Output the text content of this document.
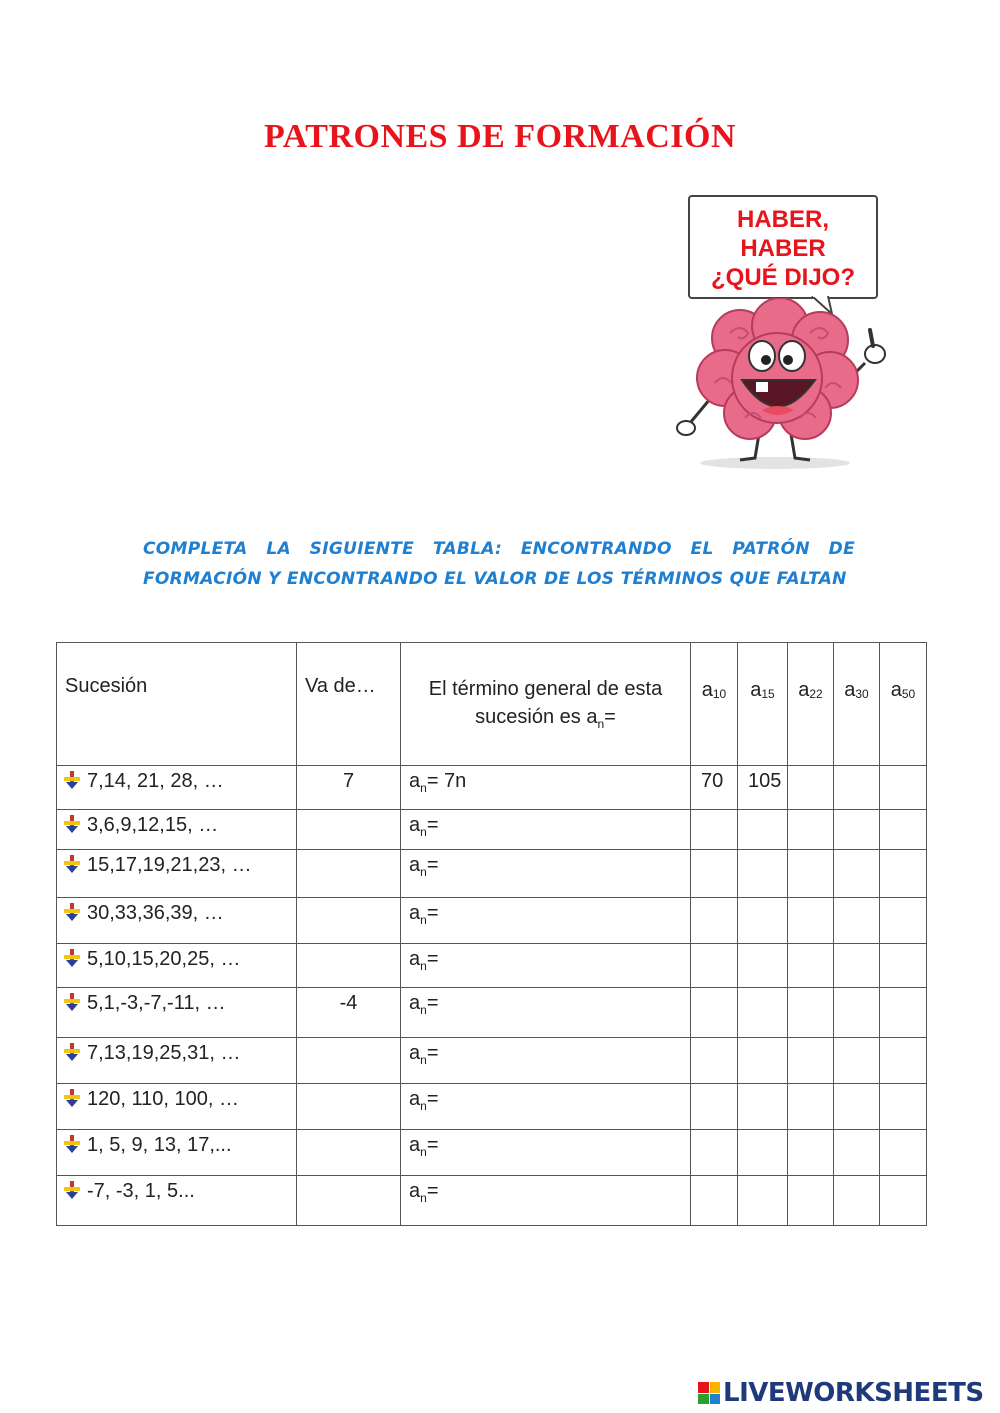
PATRONES DE FORMACIÓN
HABER,
HABER
¿QUÉ DIJO?
COMPLETA LA SIGUIENTE TABLA: ENCONTRANDO EL PATRÓN DE FORMACIÓN Y ENCONTRANDO EL VALOR DE LOS TÉRMINOS QUE FALTAN
Sucesión	Va de…	El término general de esta
sucesión es $a_n=$	$a_{10}$	$a_{15}$	$a_{22}$	$a_{30}$	$a_{50}$
7,14, 21, 28, …	7	$a_n= 7n$	70	105			
3,6,9,12,15, …		$a_n=$					
15,17,19,21,23, …		$a_n=$					
30,33,36,39, …		$a_n=$					
5,10,15,20,25, …		$a_n=$					
5,1,-3,-7,-11, …	-4	$a_n=$					
7,13,19,25,31, …		$a_n=$					
120, 110, 100, …		$a_n=$					
1, 5, 9, 13, 17,...		$a_n=$					
-7, -3, 1, 5...		$a_n=$					
LIVEWORKSHEETS
